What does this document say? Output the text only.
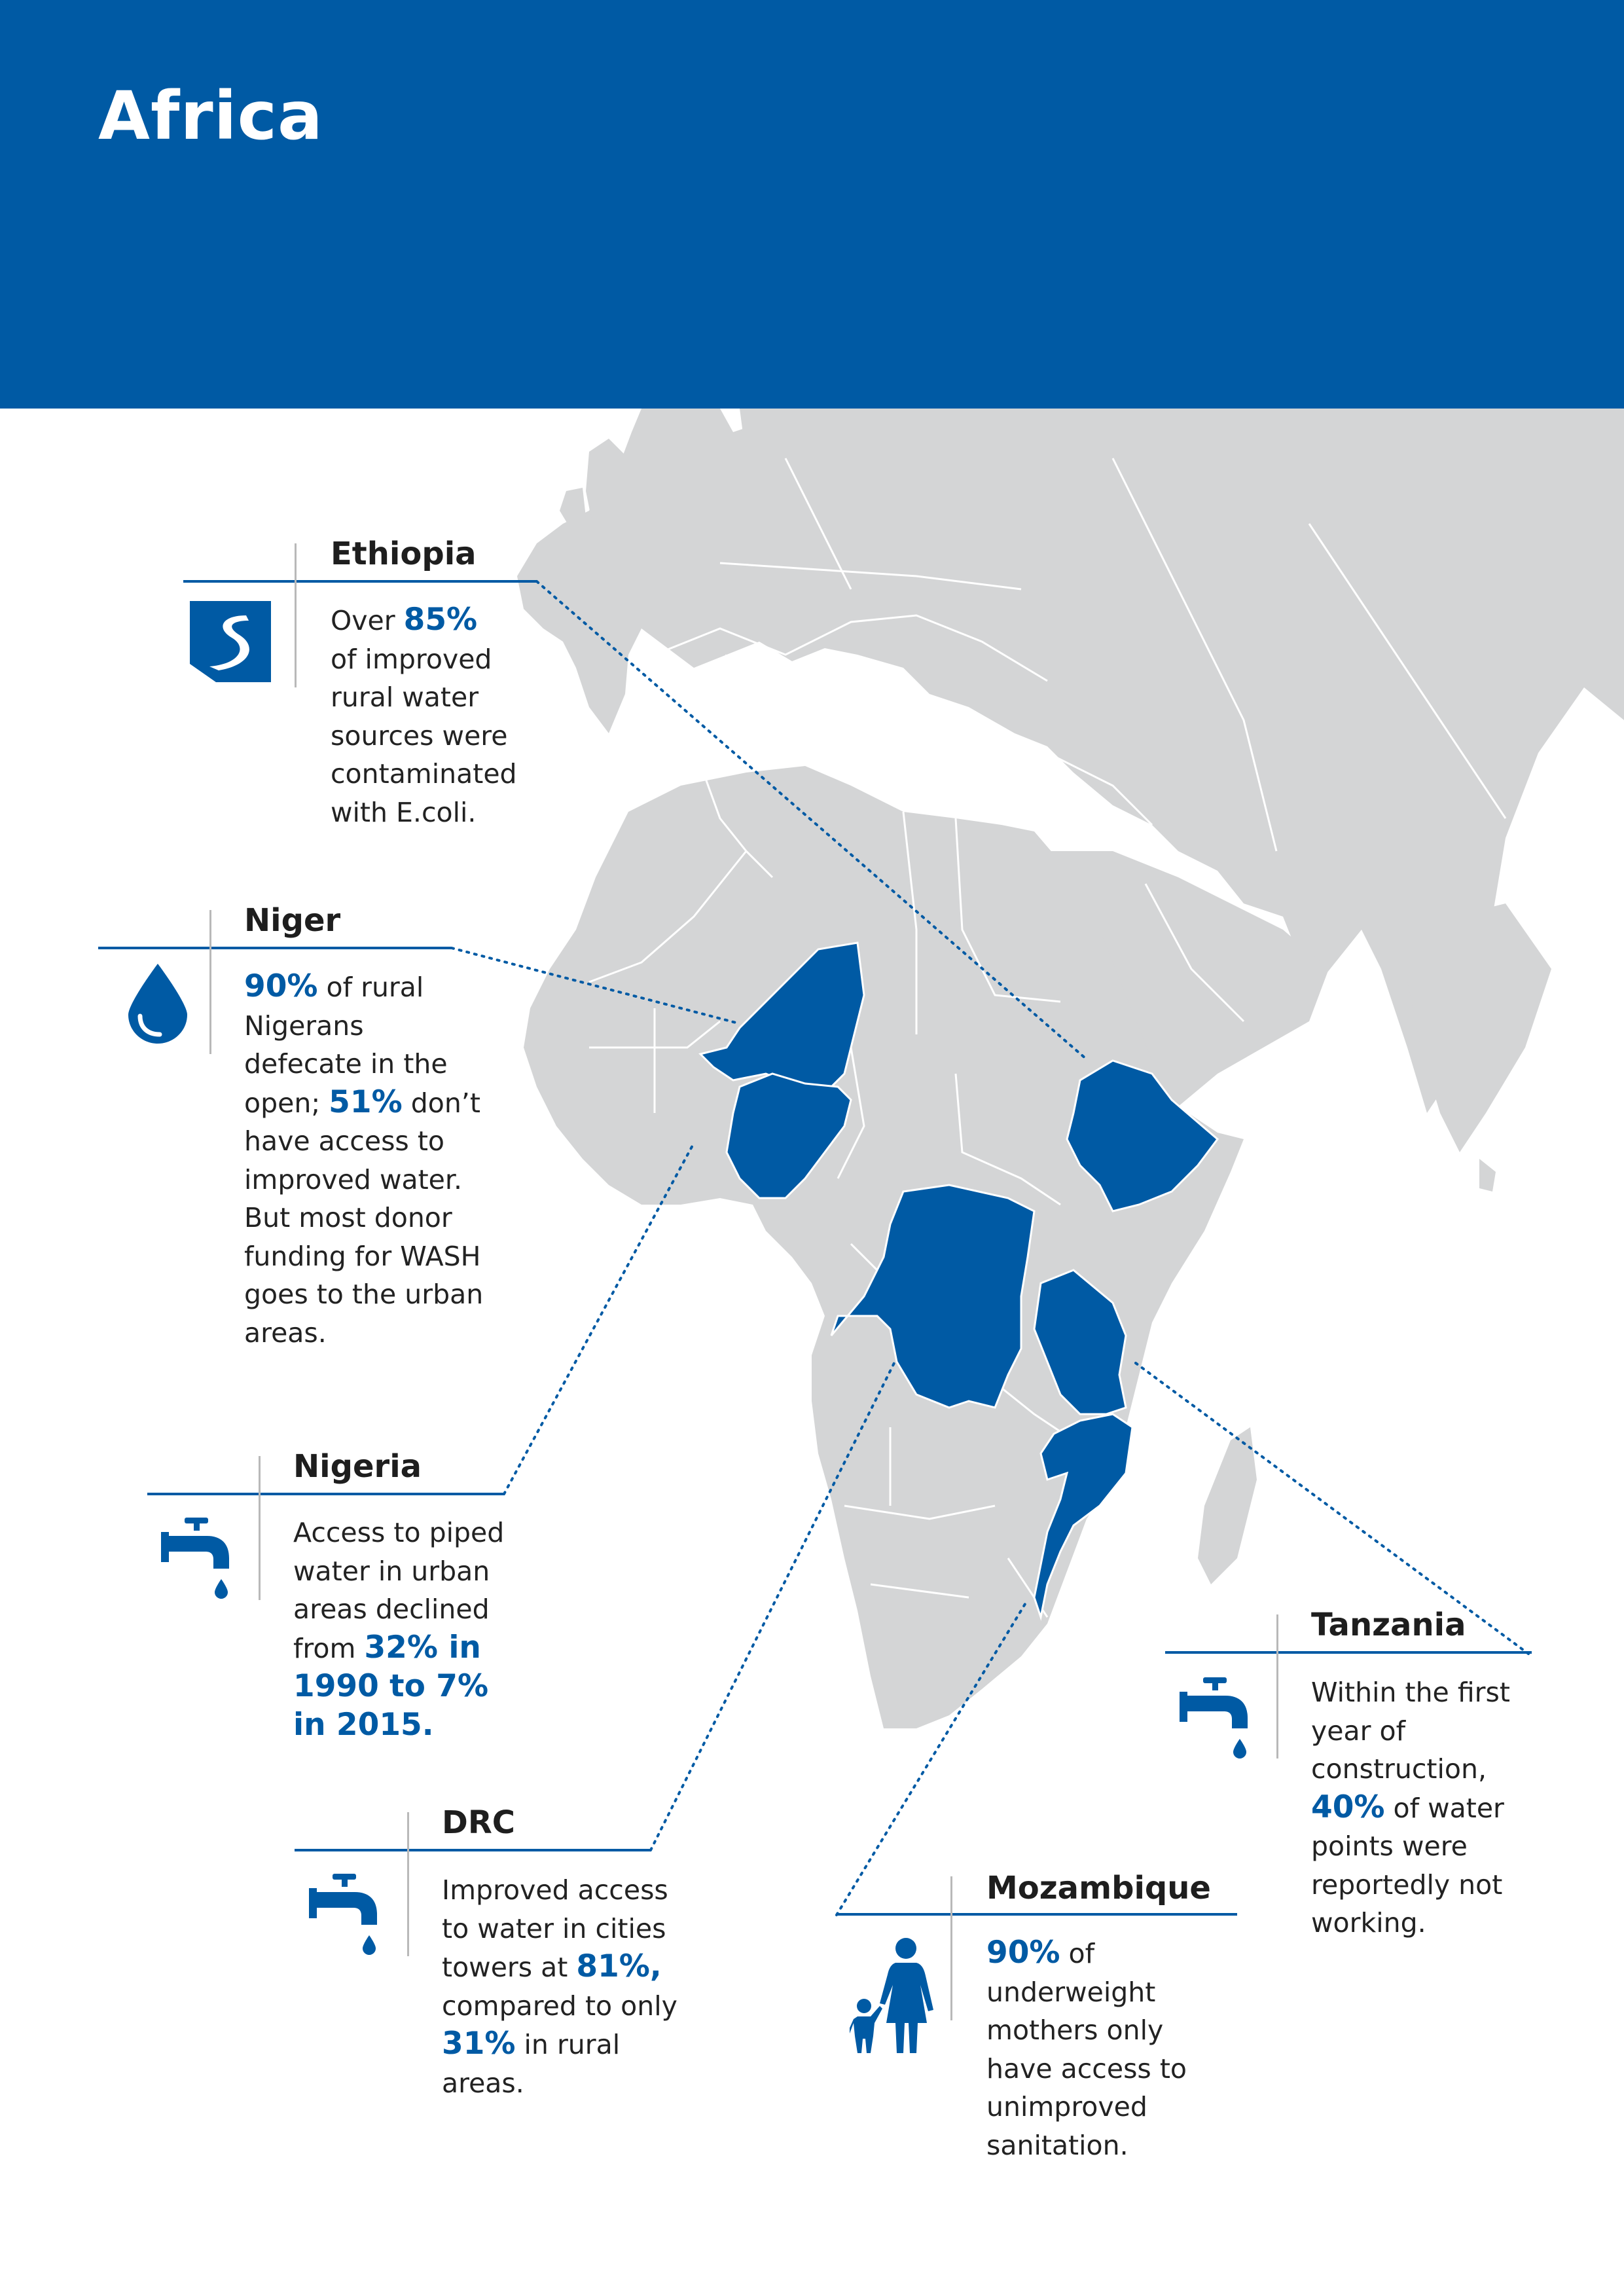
Africa
Ethiopia
Over 85%
of improved
rural water
sources were
contaminated
with E.coli.
Niger
90% of rural
Nigerans
defecate in the
open; 51% don’t
have access to
improved water.
But most donor
funding for WASH
goes to the urban
areas.
Nigeria
Access to piped
water in urban
areas declined
from 32% in
1990 to 7%
in 2015.
DRC
Improved access
to water in cities
towers at 81%,
compared to only
31% in rural
areas.
Mozambique
90% of
underweight
mothers only
have access to
unimproved
sanitation.
Tanzania
Within the first
year of
construction,
40% of water
points were
reportedly not
working.
